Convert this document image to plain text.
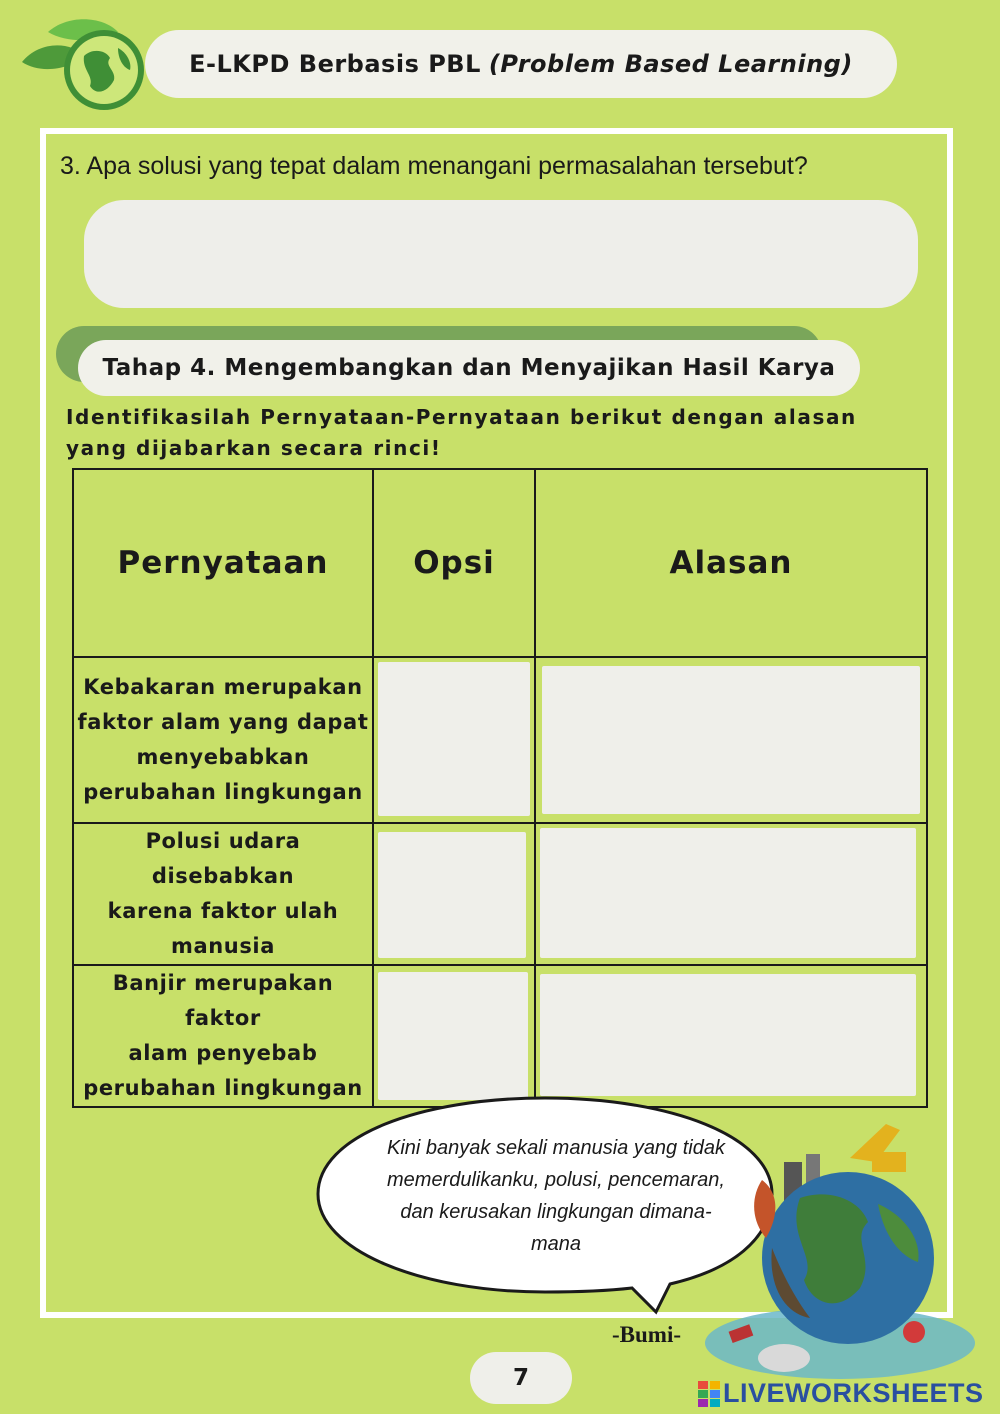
E-LKPD Berbasis PBL (Problem Based Learning)
3. Apa solusi yang tepat dalam menangani permasalahan tersebut?
Tahap 4. Mengembangkan dan Menyajikan Hasil Karya
Identifikasilah Pernyataan-Pernyataan berikut dengan alasan
yang dijabarkan secara rinci!
Pernyataan	Opsi	Alasan

Kebakaran merupakan
faktor alam yang dapat
menyebabkan
perubahan lingkungan		

Polusi udara disebabkan
karena faktor ulah
manusia		

Banjir merupakan faktor
alam penyebab
perubahan lingkungan		

Kini banyak sekali manusia yang tidak
memerdulikanku, polusi, pencemaran,
dan kerusakan lingkungan dimana-
mana
-Bumi-
7	LIVEWORKSHEETS
